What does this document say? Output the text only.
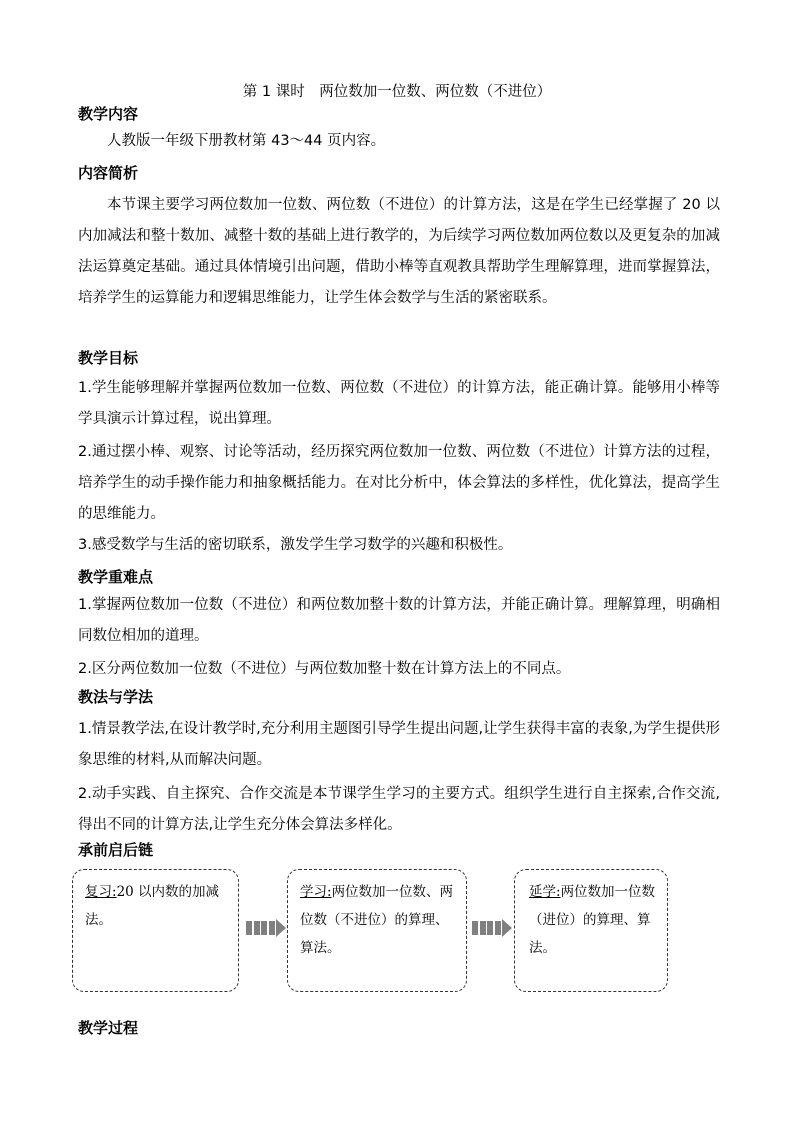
第 1 课时　两位数加一位数、两位数（不进位）
教学内容
人教版一年级下册教材第 43～44 页内容。
内容简析
本节课主要学习两位数加一位数、两位数（不进位）的计算方法，这是在学生已经掌握了 20 以内加减法和整十数加、减整十数的基础上进行教学的，为后续学习两位数加两位数以及更复杂的加减法运算奠定基础。通过具体情境引出问题，借助小棒等直观教具帮助学生理解算理，进而掌握算法，培养学生的运算能力和逻辑思维能力，让学生体会数学与生活的紧密联系。
教学目标
1.学生能够理解并掌握两位数加一位数、两位数（不进位）的计算方法，能正确计算。能够用小棒等学具演示计算过程，说出算理。
2.通过摆小棒、观察、讨论等活动，经历探究两位数加一位数、两位数（不进位）计算方法的过程，培养学生的动手操作能力和抽象概括能力。在对比分析中，体会算法的多样性，优化算法，提高学生的思维能力。
3.感受数学与生活的密切联系，激发学生学习数学的兴趣和积极性。
教学重难点
1.掌握两位数加一位数（不进位）和两位数加整十数的计算方法，并能正确计算。理解算理，明确相同数位相加的道理。
2.区分两位数加一位数（不进位）与两位数加整十数在计算方法上的不同点。
教法与学法
1.情景教学法,在设计教学时,充分利用主题图引导学生提出问题,让学生获得丰富的表象,为学生提供形象思维的材料,从而解决问题。
2.动手实践、自主探究、合作交流是本节课学生学习的主要方式。组织学生进行自主探索,合作交流,得出不同的计算方法,让学生充分体会算法多样化。
承前启后链
复习:20 以内数的加减法。
学习:两位数加一位数、两位数（不进位）的算理、算法。
延学:两位数加一位数（进位）的算理、算法。
教学过程
